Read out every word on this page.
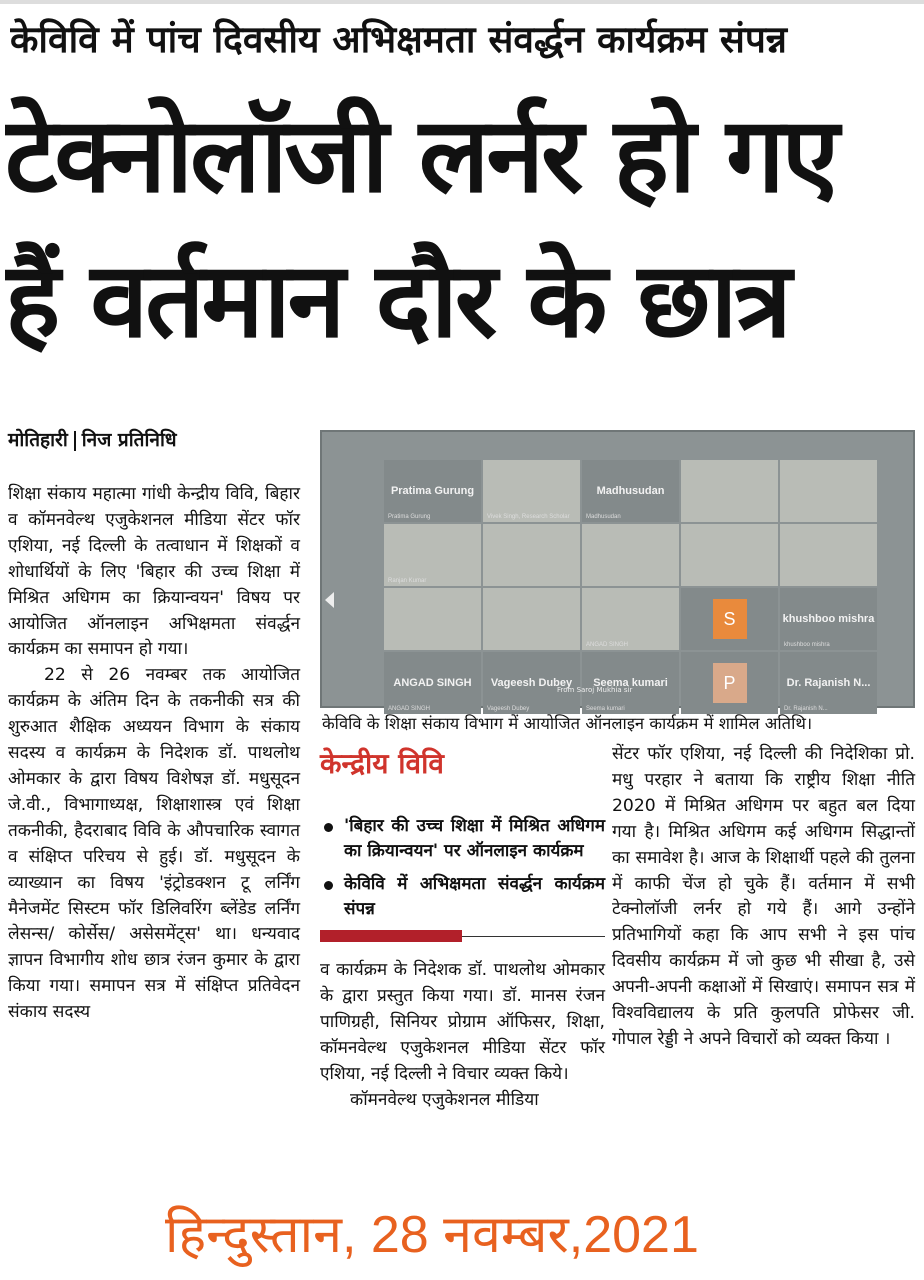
केविवि में पांच दिवसीय अभिक्षमता संवर्द्धन कार्यक्रम संपन्न
टेक्नोलॉजी लर्नर हो गए
हैं वर्तमान दौर के छात्र
मोतिहारी निज प्रतिनिधि

शिक्षा संकाय महात्मा गांधी केन्द्रीय विवि, बिहार व कॉमनवेल्थ एजुकेशनल मीडिया सेंटर फॉर एशिया, नई दिल्ली के तत्वाधान में शिक्षकों व शोधार्थियों के लिए 'बिहार की उच्च शिक्षा में मिश्रित अधिगम का क्रियान्वयन' विषय पर आयोजित ऑनलाइन अभिक्षमता संवर्द्धन कार्यक्रम का समापन हो गया।

22 से 26 नवम्बर तक आयोजित कार्यक्रम के अंतिम दिन के तकनीकी सत्र की शुरुआत शैक्षिक अध्ययन विभाग के संकाय सदस्य व कार्यक्रम के निदेशक डॉ. पाथलोथ ओमकार के द्वारा विषय विशेषज्ञ डॉ. मधुसूदन जे.वी., विभागाध्यक्ष, शिक्षाशास्त्र एवं शिक्षा तकनीकी, हैदराबाद विवि के औपचारिक स्वागत व संक्षिप्त परिचय से हुई। डॉ. मधुसूदन के व्याख्यान का विषय 'इंट्रोडक्शन टू लर्निंग मैनेजमेंट सिस्टम फॉर डिलिवरिंग ब्लेंडेड लर्निंग लेसन्स/ कोर्सेस/ असेसमेंट्स' था। धन्यवाद ज्ञापन विभागीय शोध छात्र रंजन कुमार के द्वारा किया गया। समापन सत्र में संक्षिप्त प्रतिवेदन संकाय सदस्य

Pratima Gurung
Pratima Gurung	Vivek Singh, Research Scholar
Madhusudan
Madhusudan
Ranjan Kumar
ANGAD SINGH
S	khushboo mishra
khushboo mishra
ANGAD SINGH
ANGAD SINGH
Vageesh Dubey
Vageesh Dubey
Seema kumari
Seema kumari
P	Dr. Rajanish N...
Dr. Rajanish N...
From Saroj Mukhia sir
केविवि के शिक्षा संकाय विभाग में आयोजित ऑनलाइन कार्यक्रम में शामिल अतिथि।
केन्द्रीय विवि
'बिहार की उच्च शिक्षा में मिश्रित अधिगम का क्रियान्वयन' पर ऑनलाइन कार्यक्रम
केविवि में अभिक्षमता संवर्द्धन कार्यक्रम संपन्न

व कार्यक्रम के निदेशक डॉ. पाथलोथ ओमकार के द्वारा प्रस्तुत किया गया। डॉ. मानस रंजन पाणिग्रही, सिनियर प्रोग्राम ऑफिसर, शिक्षा, कॉमनवेल्थ एजुकेशनल मीडिया सेंटर फॉर एशिया, नई दिल्ली ने विचार व्यक्त किये।

कॉमनवेल्थ एजुकेशनल मीडिया

सेंटर फॉर एशिया, नई दिल्ली की निदेशिका प्रो. मधु परहार ने बताया कि राष्ट्रीय शिक्षा नीति 2020 में मिश्रित अधिगम पर बहुत बल दिया गया है। मिश्रित अधिगम कई अधिगम सिद्धान्तों का समावेश है। आज के शिक्षार्थी पहले की तुलना में काफी चेंज हो चुके हैं। वर्तमान में सभी टेक्नोलॉजी लर्नर हो गये हैं। आगे उन्होंने प्रतिभागियों कहा कि आप सभी ने इस पांच दिवसीय कार्यक्रम में जो कुछ भी सीखा है, उसे अपनी-अपनी कक्षाओं में सिखाएं। समापन सत्र में विश्वविद्यालय के प्रति कुलपति प्रोफेसर जी. गोपाल रेड्डी ने अपने विचारों को व्यक्त किया ।

हिन्दुस्तान, 28 नवम्बर,2021
